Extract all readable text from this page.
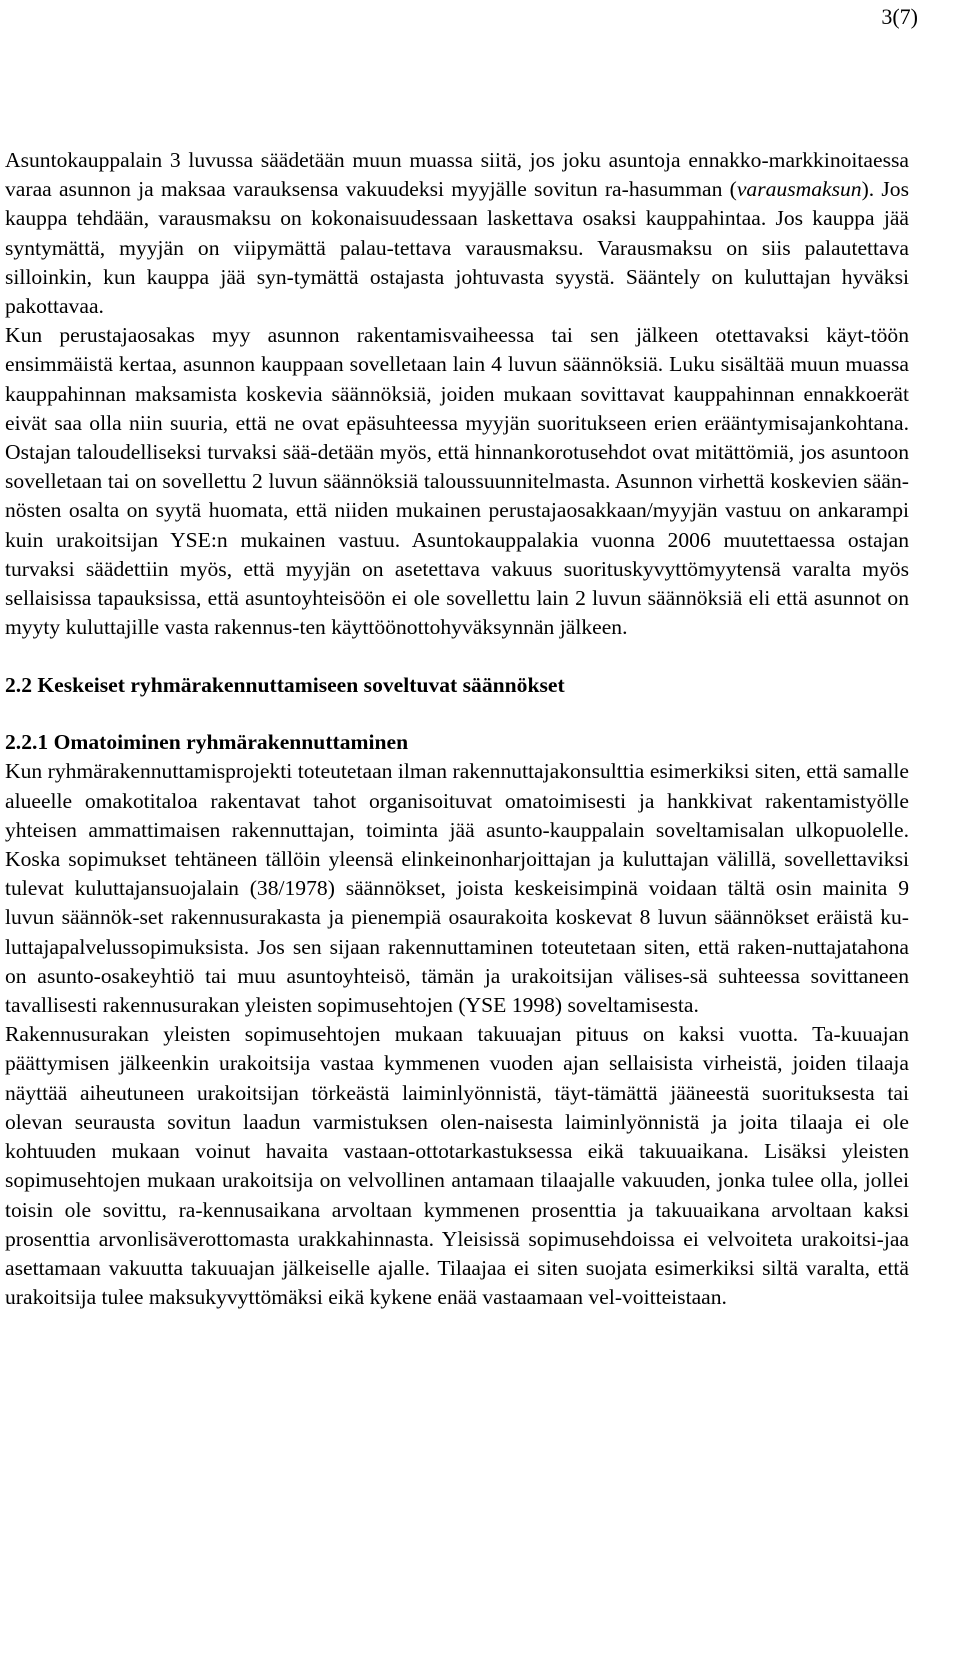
3(7)

Asuntokauppalain 3 luvussa säädetään muun muassa siitä, jos joku asuntoja ennakko-markkinoitaessa varaa asunnon ja maksaa varauksensa vakuudeksi myyjälle sovitun ra-hasumman (varausmaksun). Jos kauppa tehdään, varausmaksu on kokonaisuudessaan laskettava osaksi kauppahintaa. Jos kauppa jää syntymättä, myyjän on viipymättä palau-tettava varausmaksu. Varausmaksu on siis palautettava silloinkin, kun kauppa jää syn-tymättä ostajasta johtuvasta syystä. Sääntely on kuluttajan hyväksi pakottavaa.

Kun perustajaosakas myy asunnon rakentamisvaiheessa tai sen jälkeen otettavaksi käyt-töön ensimmäistä kertaa, asunnon kauppaan sovelletaan lain 4 luvun säännöksiä. Luku sisältää muun muassa kauppahinnan maksamista koskevia säännöksiä, joiden mukaan sovittavat kauppahinnan ennakkoerät eivät saa olla niin suuria, että ne ovat epäsuhteessa myyjän suoritukseen erien erääntymisajankohtana. Ostajan taloudelliseksi turvaksi sää-detään myös, että hinnankorotusehdot ovat mitättömiä, jos asuntoon sovelletaan tai on sovellettu 2 luvun säännöksiä taloussuunnitelmasta. Asunnon virhettä koskevien sään-nösten osalta on syytä huomata, että niiden mukainen perustajaosakkaan/myyjän vastuu on ankarampi kuin urakoitsijan YSE:n mukainen vastuu. Asuntokauppalakia vuonna 2006 muutettaessa ostajan turvaksi säädettiin myös, että myyjän on asetettava vakuus suorituskyvyttömyytensä varalta myös sellaisissa tapauksissa, että asuntoyhteisöön ei ole sovellettu lain 2 luvun säännöksiä eli että asunnot on myyty kuluttajille vasta rakennus-ten käyttöönottohyväksynnän jälkeen.

2.2 Keskeiset ryhmärakennuttamiseen soveltuvat säännökset
2.2.1 Omatoiminen ryhmärakennuttaminen

Kun ryhmärakennuttamisprojekti toteutetaan ilman rakennuttajakonsulttia esimerkiksi siten, että samalle alueelle omakotitaloa rakentavat tahot organisoituvat omatoimisesti ja hankkivat rakentamistyölle yhteisen ammattimaisen rakennuttajan, toiminta jää asunto-kauppalain soveltamisalan ulkopuolelle. Koska sopimukset tehtäneen tällöin yleensä elinkeinonharjoittajan ja kuluttajan välillä, sovellettaviksi tulevat kuluttajansuojalain (38/1978) säännökset, joista keskeisimpinä voidaan tältä osin mainita 9 luvun säännök-set rakennusurakasta ja pienempiä osaurakoita koskevat 8 luvun säännökset eräistä ku-luttajapalvelussopimuksista. Jos sen sijaan rakennuttaminen toteutetaan siten, että raken-nuttajatahona on asunto-osakeyhtiö tai muu asuntoyhteisö, tämän ja urakoitsijan välises-sä suhteessa sovittaneen tavallisesti rakennusurakan yleisten sopimusehtojen (YSE 1998) soveltamisesta.

Rakennusurakan yleisten sopimusehtojen mukaan takuuajan pituus on kaksi vuotta. Ta-kuuajan päättymisen jälkeenkin urakoitsija vastaa kymmenen vuoden ajan sellaisista virheistä, joiden tilaaja näyttää aiheutuneen urakoitsijan törkeästä laiminlyönnistä, täyt-tämättä jääneestä suorituksesta tai olevan seurausta sovitun laadun varmistuksen olen-naisesta laiminlyönnistä ja joita tilaaja ei ole kohtuuden mukaan voinut havaita vastaan-ottotarkastuksessa eikä takuuaikana. Lisäksi yleisten sopimusehtojen mukaan urakoitsija on velvollinen antamaan tilaajalle vakuuden, jonka tulee olla, jollei toisin ole sovittu, ra-kennusaikana arvoltaan kymmenen prosenttia ja takuuaikana arvoltaan kaksi prosenttia arvonlisäverottomasta urakkahinnasta. Yleisissä sopimusehdoissa ei velvoiteta urakoitsi-jaa asettamaan vakuutta takuuajan jälkeiselle ajalle. Tilaajaa ei siten suojata esimerkiksi siltä varalta, että urakoitsija tulee maksukyvyttömäksi eikä kykene enää vastaamaan vel-voitteistaan.
